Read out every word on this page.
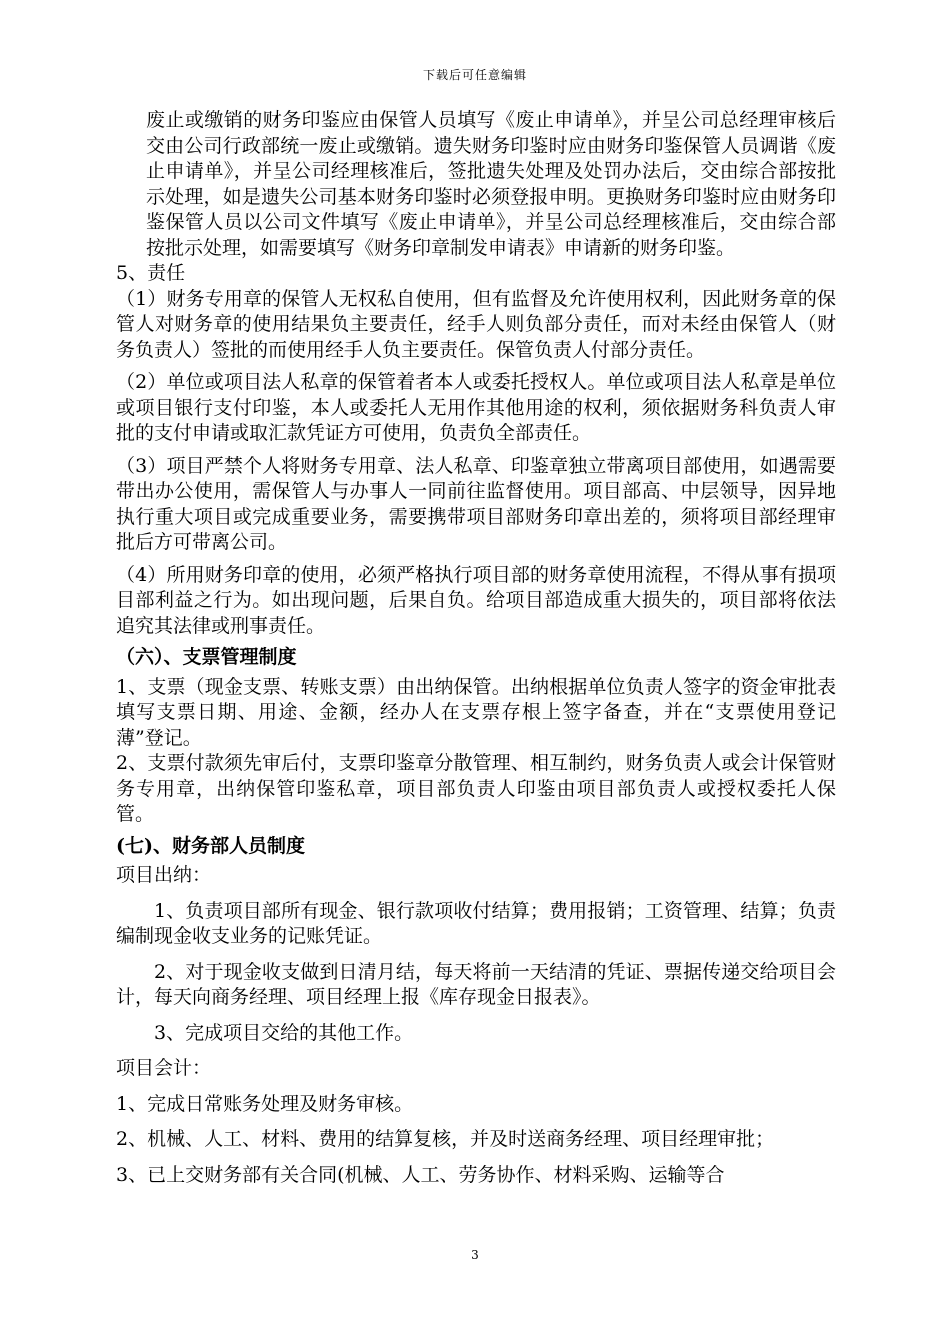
下载后可任意编辑

废止或缴销的财务印鉴应由保管人员填写《废止申请单》，并呈公司总经理审核后交由公司行政部统一废止或缴销。遗失财务印鉴时应由财务印鉴保管人员调谐《废止申请单》，并呈公司经理核准后，签批遗失处理及处罚办法后，交由综合部按批示处理，如是遗失公司基本财务印鉴时必须登报申明。更换财务印鉴时应由财务印鉴保管人员以公司文件填写《废止申请单》，并呈公司总经理核准后，交由综合部按批示处理，如需要填写《财务印章制发申请表》申请新的财务印鉴。

5、责任

（1）财务专用章的保管人无权私自使用，但有监督及允许使用权利，因此财务章的保管人对财务章的使用结果负主要责任，经手人则负部分责任，而对未经由保管人（财务负责人）签批的而使用经手人负主要责任。保管负责人付部分责任。

（2）单位或项目法人私章的保管着者本人或委托授权人。单位或项目法人私章是单位或项目银行支付印鉴，本人或委托人无用作其他用途的权利，须依据财务科负责人审批的支付申请或取汇款凭证方可使用，负责负全部责任。

（3）项目严禁个人将财务专用章、法人私章、印鉴章独立带离项目部使用，如遇需要带出办公使用，需保管人与办事人一同前往监督使用。项目部高、中层领导，因异地执行重大项目或完成重要业务，需要携带项目部财务印章出差的，须将项目部经理审批后方可带离公司。

（4）所用财务印章的使用，必须严格执行项目部的财务章使用流程，不得从事有损项目部利益之行为。如出现问题，后果自负。给项目部造成重大损失的，项目部将依法追究其法律或刑事责任。

（六）、支票管理制度

1、支票（现金支票、转账支票）由出纳保管。出纳根据单位负责人签字的资金审批表填写支票日期、用途、金额，经办人在支票存根上签字备查，并在“支票使用登记薄”登记。

2、支票付款须先审后付，支票印鉴章分散管理、相互制约，财务负责人或会计保管财务专用章，出纳保管印鉴私章，项目部负责人印鉴由项目部负责人或授权委托人保管。

(七)、财务部人员制度

项目出纳：

1、负责项目部所有现金、银行款项收付结算；费用报销；工资管理、结算；负责编制现金收支业务的记账凭证。

2、对于现金收支做到日清月结，每天将前一天结清的凭证、票据传递交给项目会计，每天向商务经理、项目经理上报《库存现金日报表》。

3、完成项目交给的其他工作。

项目会计：

1、完成日常账务处理及财务审核。

2、机械、人工、材料、费用的结算复核，并及时送商务经理、项目经理审批；

3、已上交财务部有关合同(机械、人工、劳务协作、材料采购、运输等合

3
